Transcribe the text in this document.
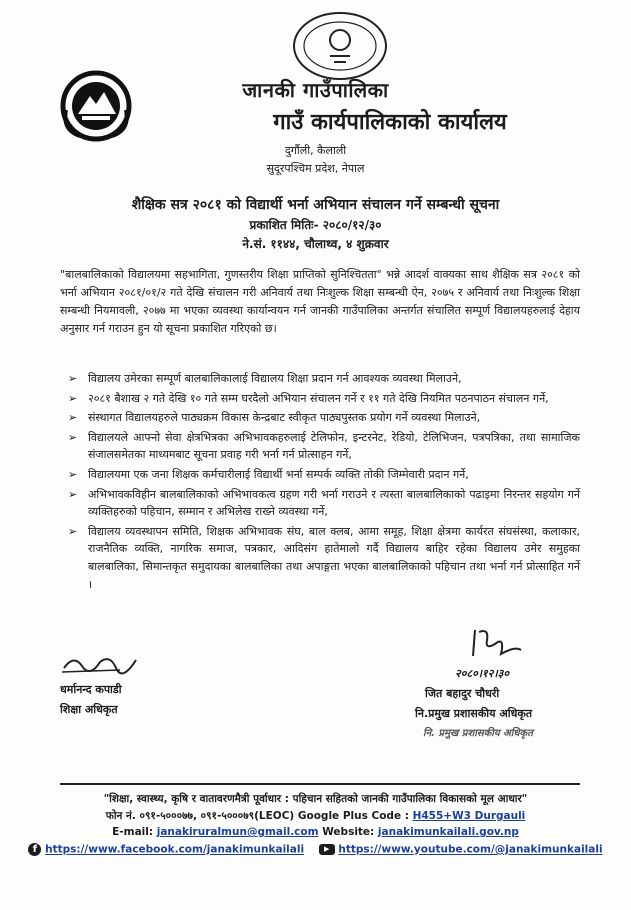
जानकी गाउँपालिका
गाउँ कार्यपालिकाको कार्यालय
दुर्गौली, कैलाली
सुदूरपश्चिम प्रदेश, नेपाल
शैक्षिक सत्र २०८१ को विद्यार्थी भर्ना अभियान संचालन गर्ने सम्बन्धी सूचना
प्रकाशित मितिः- २०८०/१२/३०
ने.सं. ११४४, चौलाथ्व, ४ शुक्रवार
"बालबालिकाको विद्यालयमा सहभागिता, गुणस्तरीय शिक्षा प्राप्तिको सुनिश्चितता" भन्ने आदर्श वाक्यका साथ शैक्षिक सत्र २०८१ को भर्ना अभियान २०८१/०१/२ गते देखि संचालन गरी अनिवार्य तथा निःशुल्क शिक्षा सम्बन्धी ऐन, २०७५ र अनिवार्य तथा निःशुल्क शिक्षा सम्बन्धी नियमावली, २०७७ मा भएका व्यवस्था कार्यान्वयन गर्न जानकी गाउँपालिका अन्तर्गत संचालित सम्पूर्ण विद्यालयहरुलाई देहाय अनुसार गर्न गराउन हुन यो सूचना प्रकाशित गरिएको छ।
➢ विद्यालय उमेरका सम्पूर्ण बालबालिकालाई विद्यालय शिक्षा प्रदान गर्न आवश्यक व्यवस्था मिलाउने,
➢ २०८१ बैशाख २ गते देखि १० गते सम्म घरदैलो अभियान संचालन गर्ने र ११ गते देखि नियमित पठनपाठन संचालन गर्ने,
➢ संस्थागत विद्यालयहरुले पाठ्यक्रम विकास केन्द्रबाट स्वीकृत पाठ्यपुस्तक प्रयोग गर्ने व्यवस्था मिलाउने,
➢ विद्यालयले आफ्नो सेवा क्षेत्रभित्रका अभिभावकहरुलाई टेलिफोन, इन्टरनेट, रेडियो, टेलिभिजन, पत्रपत्रिका, तथा सामाजिक संजालसमेतका माध्यमबाट सूचना प्रवाह गरी भर्ना गर्न प्रोत्साहन गर्ने,
➢ विद्यालयमा एक जना शिक्षक कर्मचारीलाई विद्यार्थी भर्ना सम्पर्क व्यक्ति तोकी जिम्मेवारी प्रदान गर्ने,
➢ अभिभावकविहीन बालबालिकाको अभिभावकत्व ग्रहण गरी भर्ना गराउने र त्यस्ता बालबालिकाको पढाइमा निरन्तर सहयोग गर्ने व्यक्तिहरुको पहिचान, सम्मान र अभिलेख राख्ने व्यवस्था गर्ने,
➢ विद्यालय व्यवस्थापन समिति, शिक्षक अभिभावक संघ, बाल क्लब, आमा समूह, शिक्षा क्षेत्रमा कार्यरत संघसंस्था, कलाकार, राजनैतिक व्यक्ति, नागरिक समाज, पत्रकार, आदिसंग हातेमालो गर्दै विद्यालय बाहिर रहेका विद्यालय उमेर समुहका बालबालिका, सिमान्तकृत समुदायका बालबालिका तथा अपाङ्गता भएका बालबालिकाको पहिचान तथा भर्ना गर्न प्रोत्साहित गर्ने ।
धर्मानन्द कपाडी
शिक्षा अधिकृत
२०८०।१२।३०
जित बहादुर चौधरी
नि.प्रमुख प्रशासकीय अधिकृत
नि. प्रमुख प्रशासकीय अधिकृत
"शिक्षा, स्वास्थ्य, कृषि र वातावरणमैत्री पूर्वाधार : पहिचान सहितको जानकी गाउँपालिका विकासको मूल आधार"
फोन नं. ०९१-५०००७७, ०९१-५०००७९(LEOC) Google Plus Code : H455+W3 Durgauli
E-mail: janakiruralmun@gmail.com Website: janakimunkailali.gov.np
f https://www.facebook.com/janakimunkailali	▶ https://www.youtube.com/@janakimunkailali
